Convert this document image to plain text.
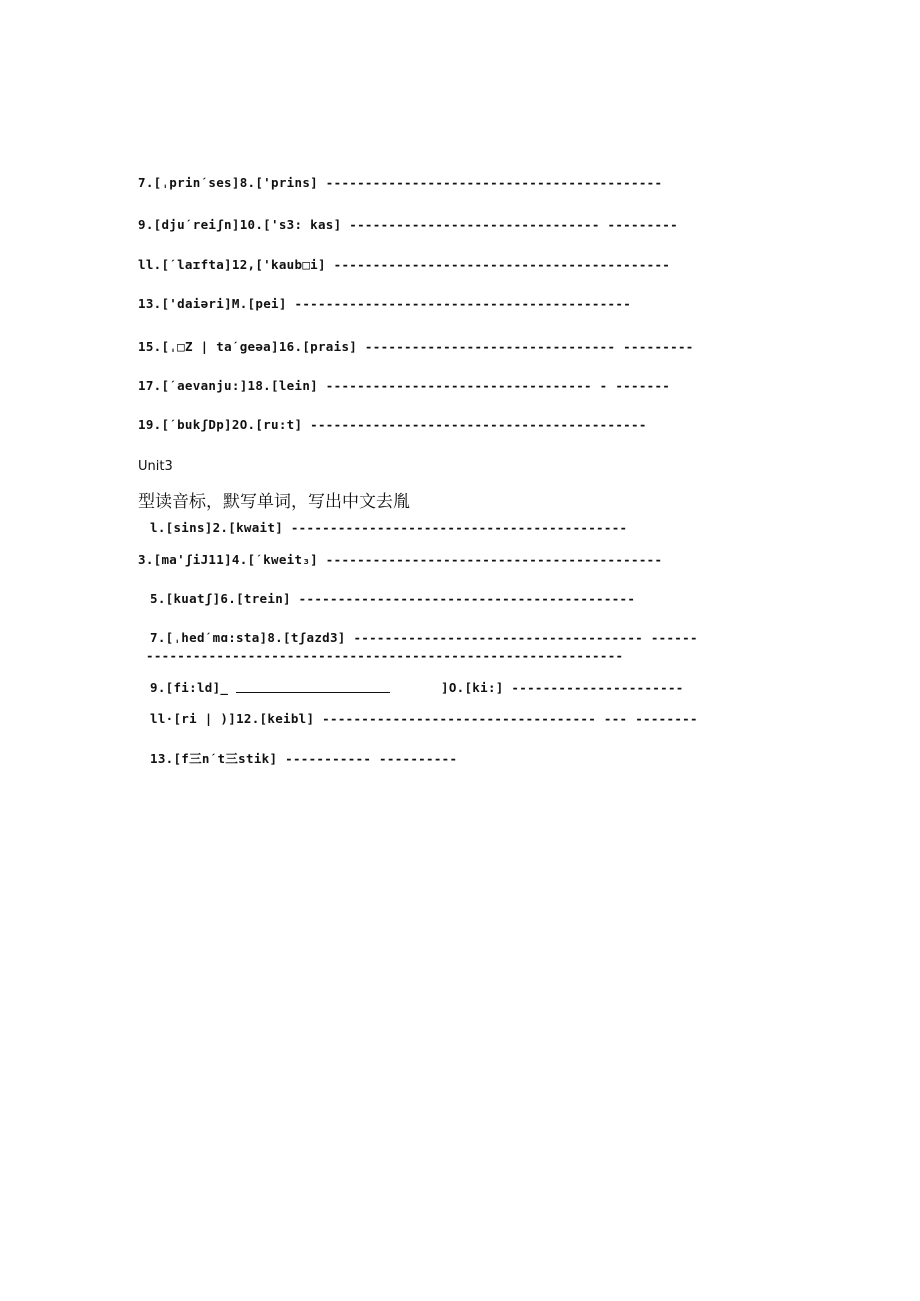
7.[ˌprinˊses]8.['prins] -------------------------------------------
9.[djuˊreiʃn]10.['s3: kas] -------------------------------- ---------
ll.[ˊlaɪfta]12,['kaub□i] -------------------------------------------
13.['daiəri]M.[pei] -------------------------------------------
15.[ˌ□Z | taˊgeəa]16.[prais] -------------------------------- ---------
17.[ˊaevanju:]18.[lein] ---------------------------------- - -------
19.[ˊbukʃDp]2O.[ru:t] -------------------------------------------
Unit3
型读音标，默写单词，写出中文去胤
l.[sins]2.[kwait] -------------------------------------------
3.[ma'ʃiJ11]4.[ˊkweit₃] -------------------------------------------
5.[kuatʃ]6.[trein] -------------------------------------------
7.[ˌhedˊmɑ:sta]8.[tʃazd3] ------------------------------------- ------
-------------------------------------------------------------
9.[fi:ld]_	]O.[ki:] ----------------------
ll·[ri | )]12.[keibl] ----------------------------------- --- --------
13.[f三nˊt三stik] ----------- ----------
